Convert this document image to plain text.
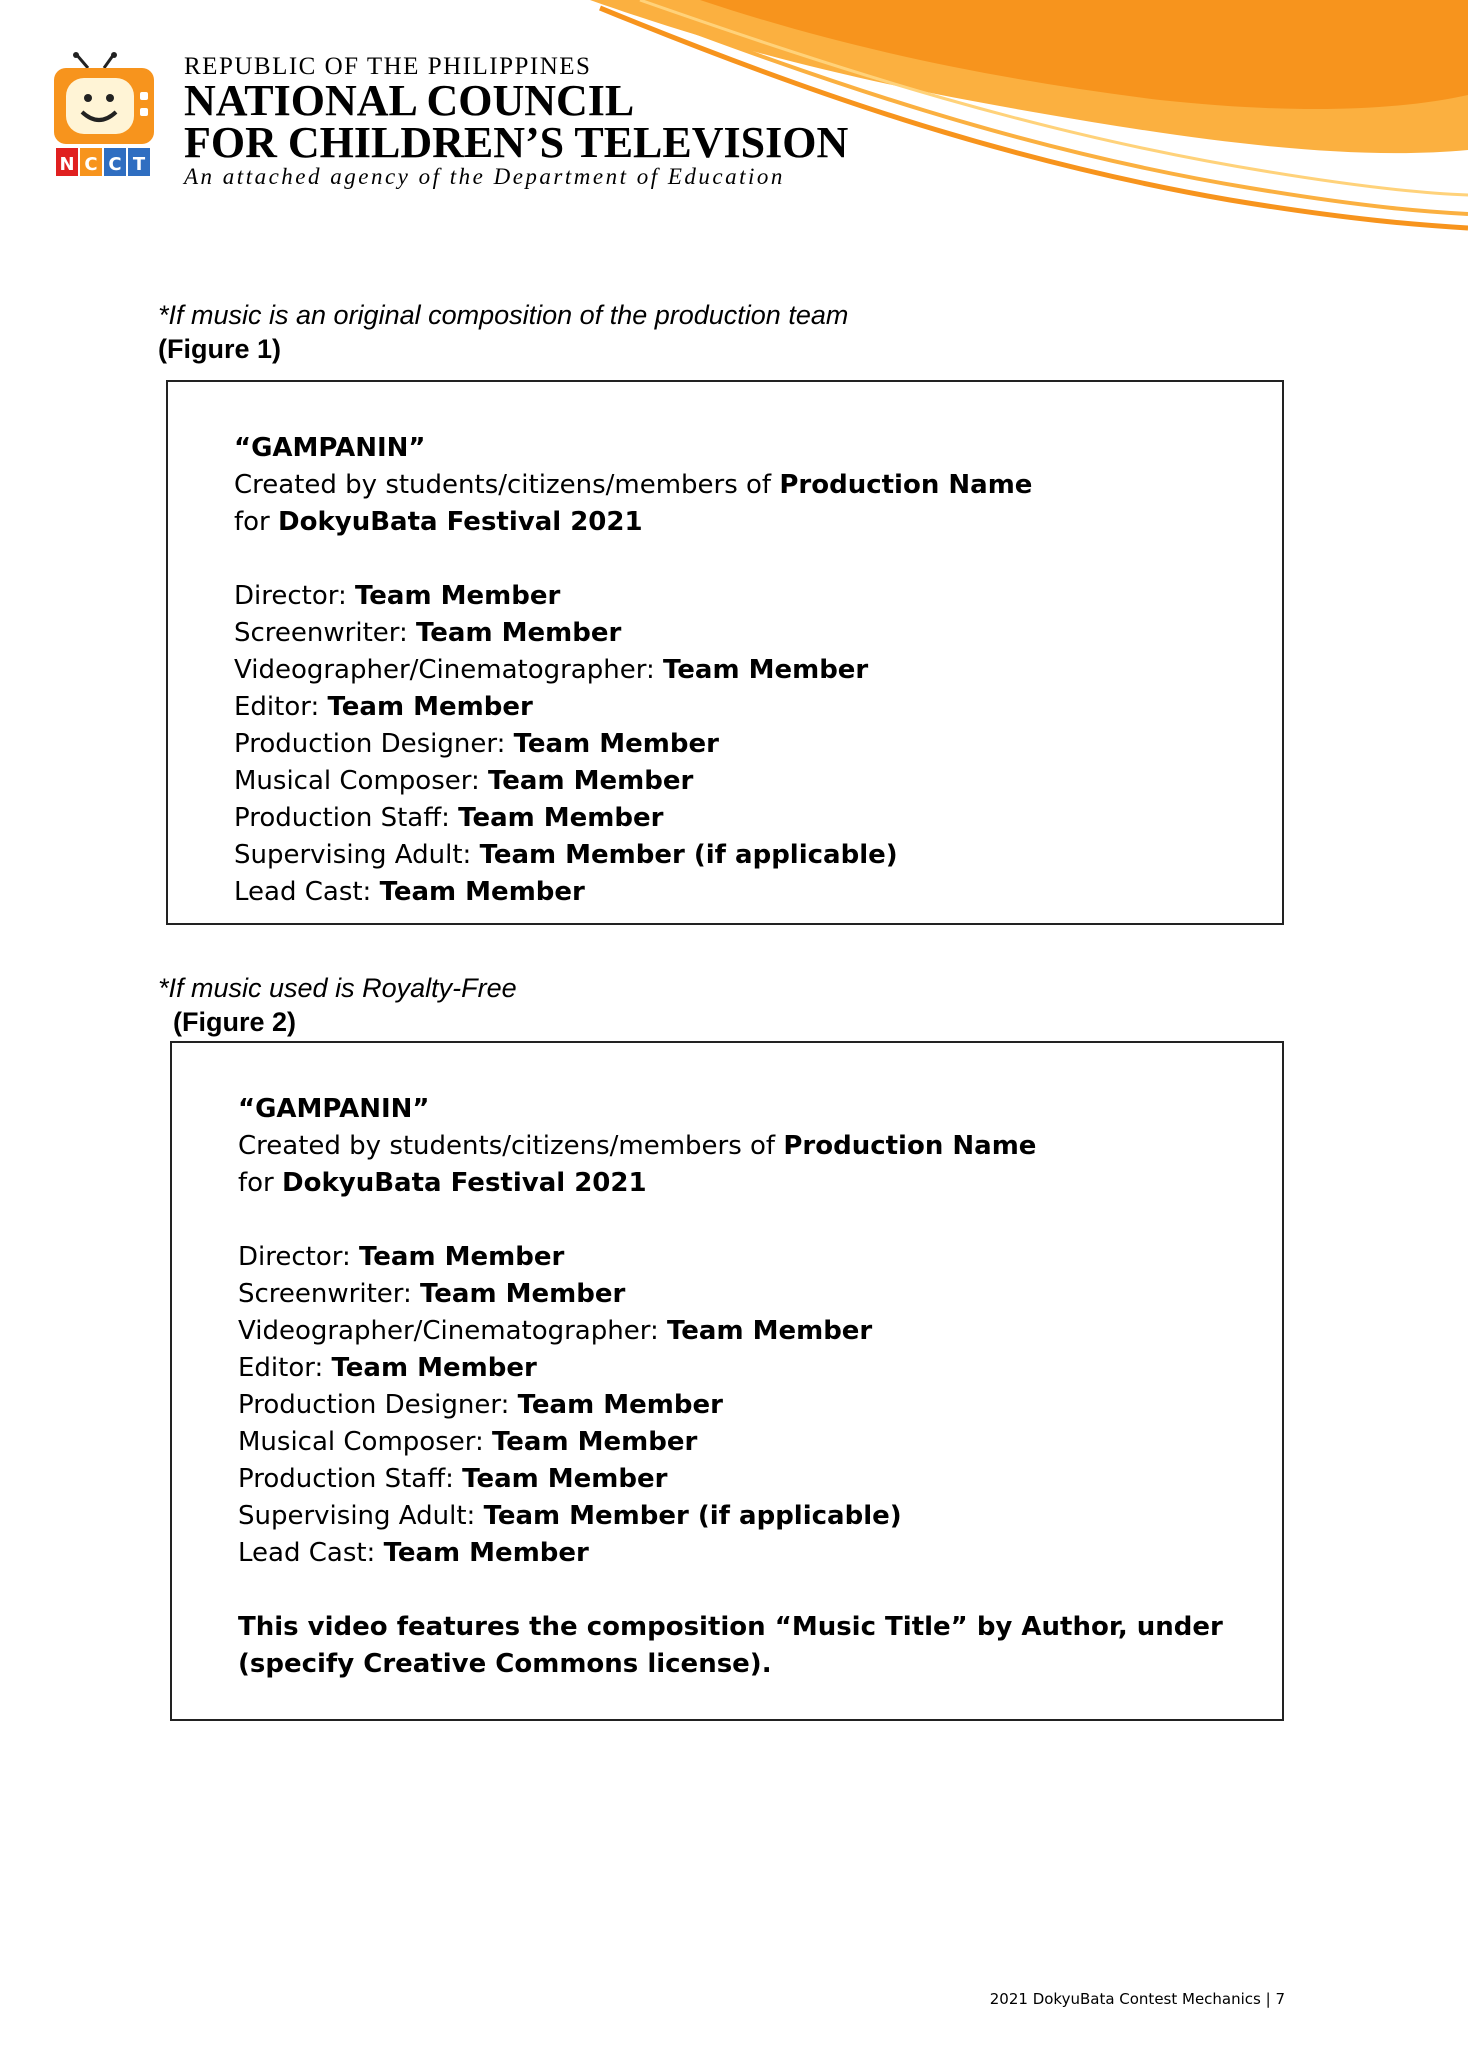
N C C T
REPUBLIC OF THE PHILIPPINES
NATIONAL COUNCIL
FOR CHILDREN’S TELEVISION
An attached agency of the Department of Education
*If music is an original composition of the production team
(Figure 1)
“GAMPANIN”
Created by students/citizens/members of Production Name
for DokyuBata Festival 2021
Director: Team Member
Screenwriter: Team Member
Videographer/Cinematographer: Team Member
Editor: Team Member
Production Designer: Team Member
Musical Composer: Team Member
Production Staff: Team Member
Supervising Adult: Team Member (if applicable)
Lead Cast: Team Member
*If music used is Royalty-Free
(Figure 2)
“GAMPANIN”
Created by students/citizens/members of Production Name
for DokyuBata Festival 2021
Director: Team Member
Screenwriter: Team Member
Videographer/Cinematographer: Team Member
Editor: Team Member
Production Designer: Team Member
Musical Composer: Team Member
Production Staff: Team Member
Supervising Adult: Team Member (if applicable)
Lead Cast: Team Member
This video features the composition “Music Title” by Author, under (specify Creative Commons license).
2021 DokyuBata Contest Mechanics | 7
